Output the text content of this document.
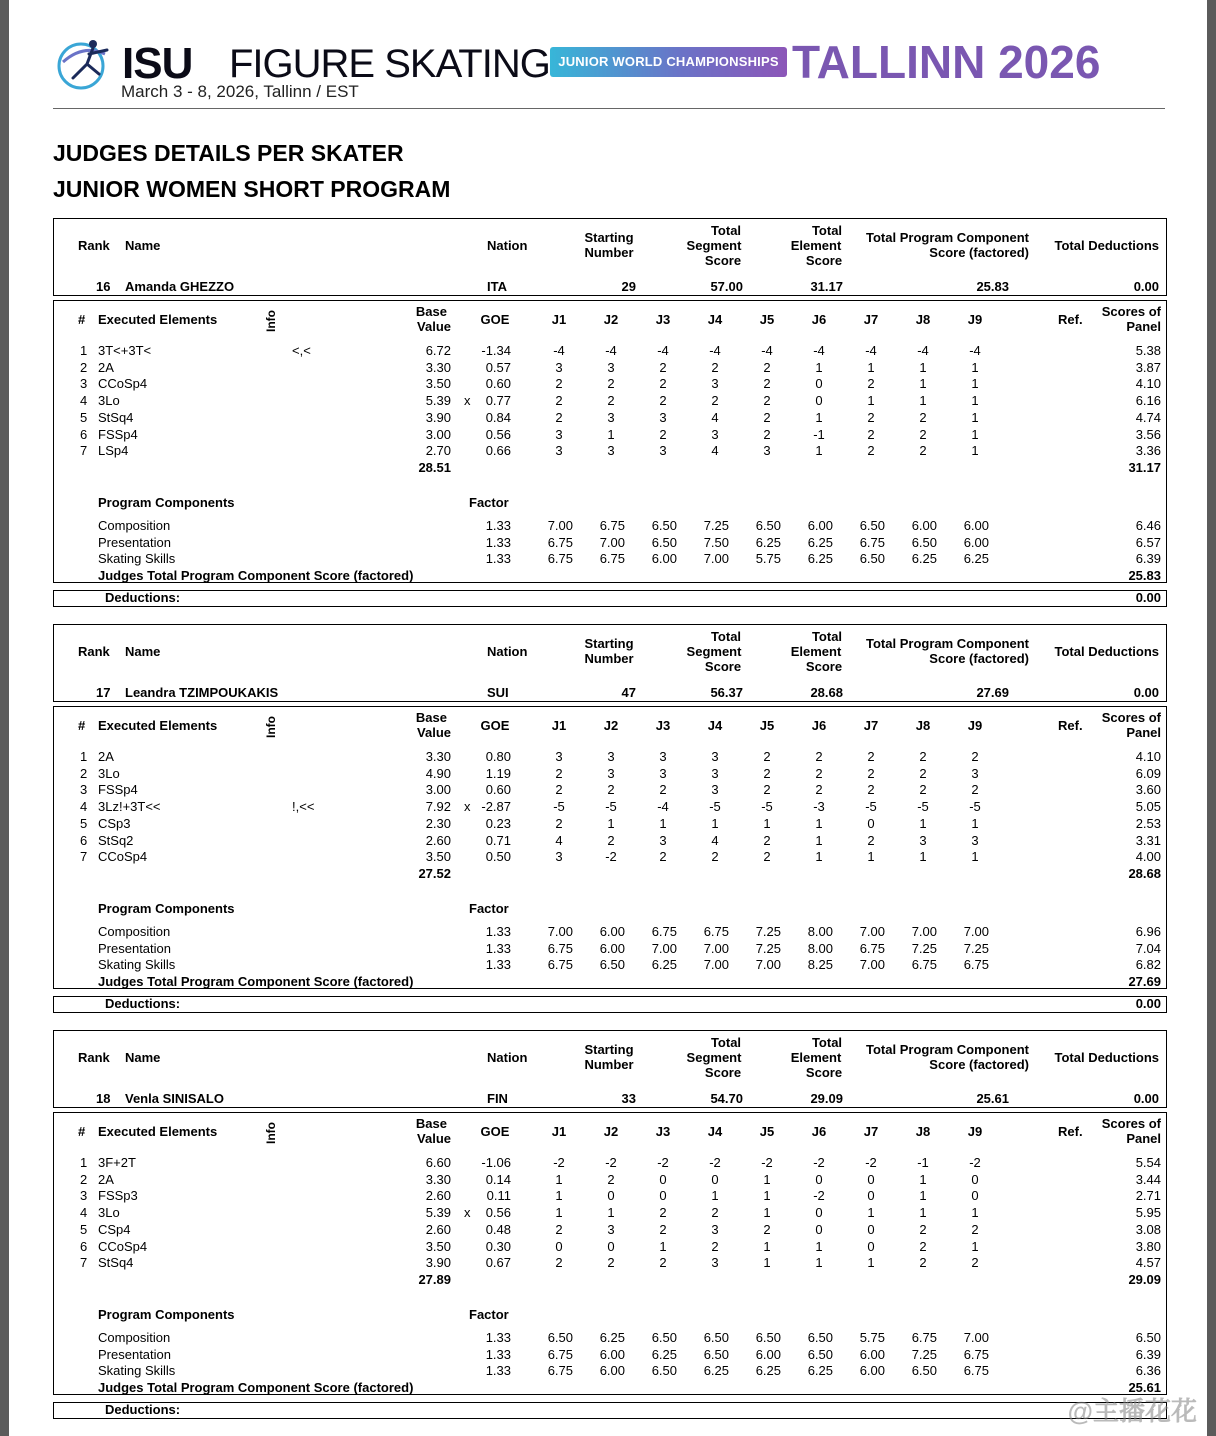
ISU FIGURE SKATING JUNIOR WORLD CHAMPIONSHIPS TALLINN 2026
March 3 - 8, 2026, Tallinn / EST
JUDGES DETAILS PER SKATER
JUNIOR WOMEN SHORT PROGRAM
Rank Name	Nation
Starting
Number
Total
Segment
Score
Total
Element
Score
Total Program Component
Score (factored)	Total Deductions
16 Amanda GHEZZO	ITA	29	57.00	31.17	25.83	0.00
# Executed Elements	Info	Base
Value	GOE	J1	J2	J3	J4	J5	J6	J7	J8	J9	Ref.
Scores of
Panel
1 3T<+3T<	<,<	6.72	-1.34	-4	-4	-4	-4	-4	-4	-4	-4	-4	5.38
2 2A	3.30	0.57	3	3	2	2	2	1	1	1	1	3.87
3 CCoSp4	3.50	0.60	2	2	2	3	2	0	2	1	1	4.10
4 3Lo	5.39 x	0.77	2	2	2	2	2	0	1	1	1	6.16
5 StSq4	3.90	0.84	2	3	3	4	2	1	2	2	1	4.74
6 FSSp4	3.00	0.56	3	1	2	3	2	-1	2	2	1	3.56
7 LSp4	2.70	0.66	3	3	3	4	3	1	2	2	1	3.36
28.51	31.17
Program Components	Factor
Composition	1.33	7.00	6.75	6.50	7.25	6.50	6.00	6.50	6.00	6.00	6.46
Presentation	1.33	6.75	7.00	6.50	7.50	6.25	6.25	6.75	6.50	6.00	6.57
Skating Skills	1.33	6.75	6.75	6.00	7.00	5.75	6.25	6.50	6.25	6.25	6.39
Judges Total Program Component Score (factored)	25.83
Deductions:	0.00
Rank Name	Nation
Starting
Number
Total
Segment
Score
Total
Element
Score
Total Program Component
Score (factored)	Total Deductions
17 Leandra TZIMPOUKAKIS	SUI	47	56.37	28.68	27.69	0.00
# Executed Elements	Info	Base
Value	GOE	J1	J2	J3	J4	J5	J6	J7	J8	J9	Ref.
Scores of
Panel
1 2A	3.30	0.80	3	3	3	3	2	2	2	2	2	4.10
2 3Lo	4.90	1.19	2	3	3	3	2	2	2	2	3	6.09
3 FSSp4	3.00	0.60	2	2	2	3	2	2	2	2	2	3.60
4 3Lz!+3T<<	!,<<	7.92 x -2.87	-5	-5	-4	-5	-5	-3	-5	-5	-5	5.05
5 CSp3	2.30	0.23	2	1	1	1	1	1	0	1	1	2.53
6 StSq2	2.60	0.71	4	2	3	4	2	1	2	3	3	3.31
7 CCoSp4	3.50	0.50	3	-2	2	2	2	1	1	1	1	4.00
27.52	28.68
Program Components	Factor
Composition	1.33	7.00	6.00	6.75	6.75	7.25	8.00	7.00	7.00	7.00	6.96
Presentation	1.33	6.75	6.00	7.00	7.00	7.25	8.00	6.75	7.25	7.25	7.04
Skating Skills	1.33	6.75	6.50	6.25	7.00	7.00	8.25	7.00	6.75	6.75	6.82
Judges Total Program Component Score (factored)	27.69
Deductions:	0.00
Rank Name	Nation
Starting
Number
Total
Segment
Score
Total
Element
Score
Total Program Component
Score (factored)	Total Deductions
18 Venla SINISALO	FIN	33	54.70	29.09	25.61	0.00
# Executed Elements	Info	Base
Value	GOE	J1	J2	J3	J4	J5	J6	J7	J8	J9	Ref.
Scores of
Panel
1 3F+2T	6.60	-1.06	-2	-2	-2	-2	-2	-2	-2	-1	-2	5.54
2 2A	3.30	0.14	1	2	0	0	1	0	0	1	0	3.44
3 FSSp3	2.60	0.11	1	0	0	1	1	-2	0	1	0	2.71
4 3Lo	5.39 x	0.56	1	1	2	2	1	0	1	1	1	5.95
5 CSp4	2.60	0.48	2	3	2	3	2	0	0	2	2	3.08
6 CCoSp4	3.50	0.30	0	0	1	2	1	1	0	2	1	3.80
7 StSq4	3.90	0.67	2	2	2	3	1	1	1	2	2	4.57
27.89	29.09
Program Components	Factor
Composition	1.33	6.50	6.25	6.50	6.50	6.50	6.50	5.75	6.75	7.00	6.50
Presentation	1.33	6.75	6.00	6.25	6.50	6.00	6.50	6.00	7.25	6.75	6.39
Skating Skills	1.33	6.75	6.00	6.50	6.25	6.25	6.25	6.00	6.50	6.75	6.36
Judges Total Program Component Score (factored)	25.61
Deductions:	@主播花花
